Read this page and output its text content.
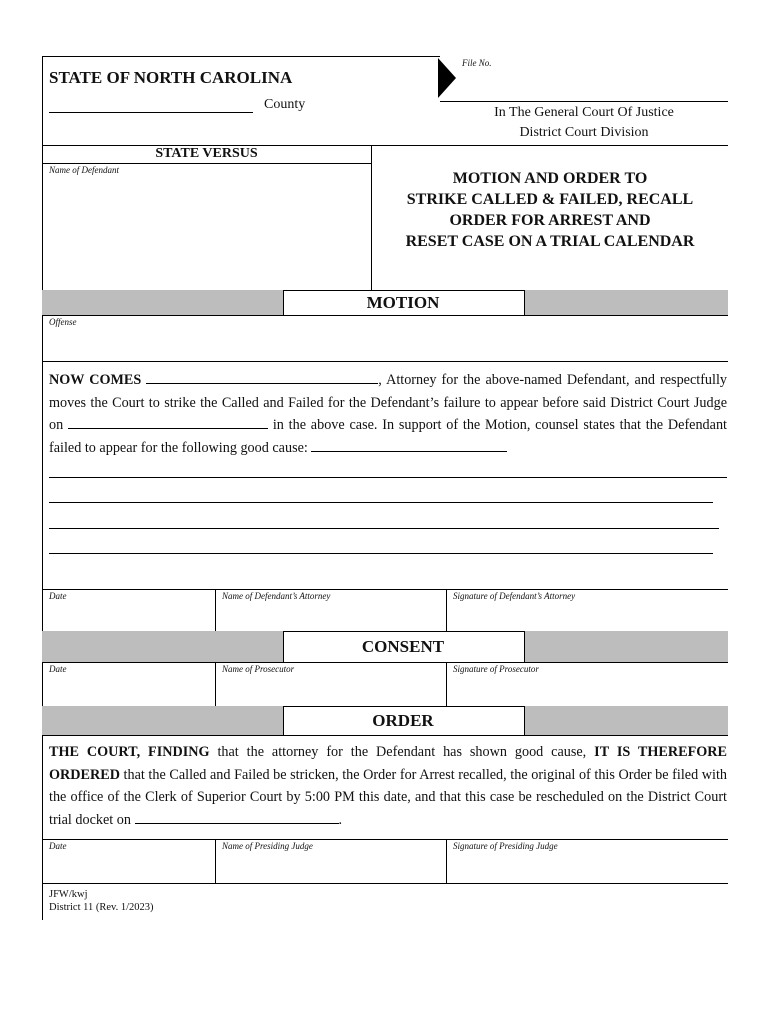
STATE OF NORTH CAROLINA
County
File No.
In The General Court Of Justice
District Court Division
STATE VERSUS
Name of Defendant	MOTION AND ORDER TO
STRIKE CALLED & FAILED, RECALL
ORDER FOR ARREST AND
RESET CASE ON A TRIAL CALENDAR
MOTION
Offense
NOW COMES	, Attorney for the above-named Defendant, and respectfully moves the Court to strike the Called and Failed for the Defendant’s failure to appear before said District Court Judge on	in the above case. In support of the Motion, counsel states that the Defendant failed to appear for the following good cause:
Date	Name of Defendant’s Attorney	Signature of Defendant’s Attorney
CONSENT
Date	Name of Prosecutor	Signature of Prosecutor
ORDER
THE COURT, FINDING that the attorney for the Defendant has shown good cause, IT IS THEREFORE ORDERED that the Called and Failed be stricken, the Order for Arrest recalled, the original of this Order be filed with the office of the Clerk of Superior Court by 5:00 PM this date, and that this case be rescheduled on the District Court trial docket on	.
Date	Name of Presiding Judge	Signature of Presiding Judge
JFW/kwj
District 11 (Rev. 1/2023)
